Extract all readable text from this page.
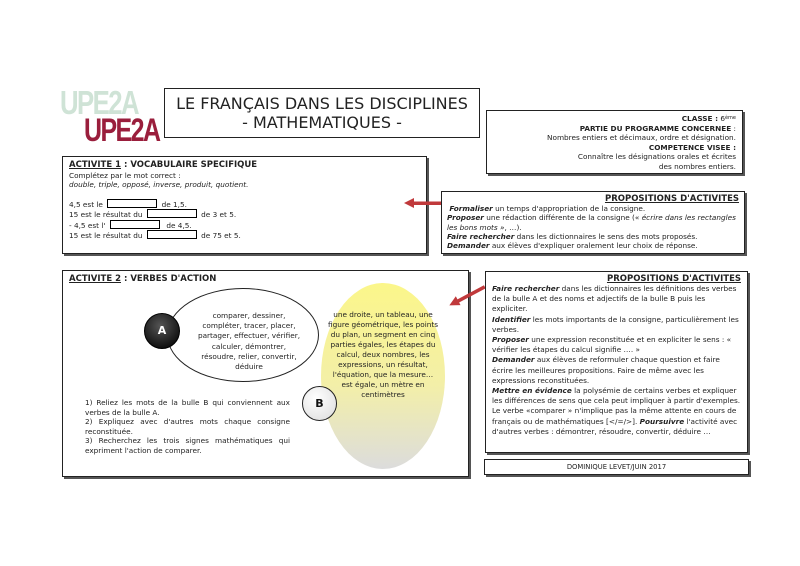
UPE2A
UPE2A
LE FRANÇAIS DANS LES DISCIPLINES
- MATHEMATIQUES -	CLASSE : 6ème
PARTIE DU PROGRAMME CONCERNEE :
Nombres entiers et décimaux, ordre et désignation.
COMPETENCE VISEE :
Connaître les désignations orales et écrites
des nombres entiers.
ACTIVITE 1 : VOCABULAIRE SPECIFIQUE
Complétez par le mot correct :
double, triple, opposé, inverse, produit, quotient.
4,5 est le	de 1,5.
15 est le résultat du	de 3 et 5.
- 4,5 est l'	de 4,5.
15 est le résultat du	de 75 et 5.
PROPOSITIONS D'ACTIVITES
Formaliser un temps d'appropriation de la consigne.
Proposer une rédaction différente de la consigne (« écrire dans les rectangles les bons mots », …).
Faire rechercher dans les dictionnaires le sens des mots proposés.
Demander aux élèves d'expliquer oralement leur choix de réponse.
ACTIVITE 2 : VERBES D'ACTION
une droite, un tableau, une figure géométrique, les points du plan, un segment en cinq parties égales, les étapes du calcul, deux nombres, les expressions, un résultat, l'équation, que la mesure…est égale, un mètre en centimètres
comparer, dessiner, compléter, tracer, placer, partager, effectuer, vérifier, calculer, démontrer, résoudre, relier, convertir, déduire
A
B
1) Reliez les mots de la bulle B qui conviennent aux verbes de la bulle A.
2) Expliquez avec d'autres mots chaque consigne reconstituée.
3) Recherchez les trois signes mathématiques qui expriment l'action de comparer.
PROPOSITIONS D'ACTIVITES
Faire rechercher dans les dictionnaires les définitions des verbes de la bulle A et des noms et adjectifs de la bulle B puis les expliciter.
Identifier les mots importants de la consigne, particulièrement les verbes.
Proposer une expression reconstituée et en expliciter le sens : « vérifier les étapes du calcul signifie …. »
Demander aux élèves de reformuler chaque question et faire écrire les meilleures propositions. Faire de même avec les expressions reconstituées.
Mettre en évidence la polysémie de certains verbes et expliquer les différences de sens que cela peut impliquer à partir d'exemples. Le verbe «comparer » n'implique pas la même attente en cours de français ou de mathématiques [</=/>]. Poursuivre l'activité avec d'autres verbes : démontrer, résoudre, convertir, déduire …
DOMINIQUE LEVET/JUIN 2017
